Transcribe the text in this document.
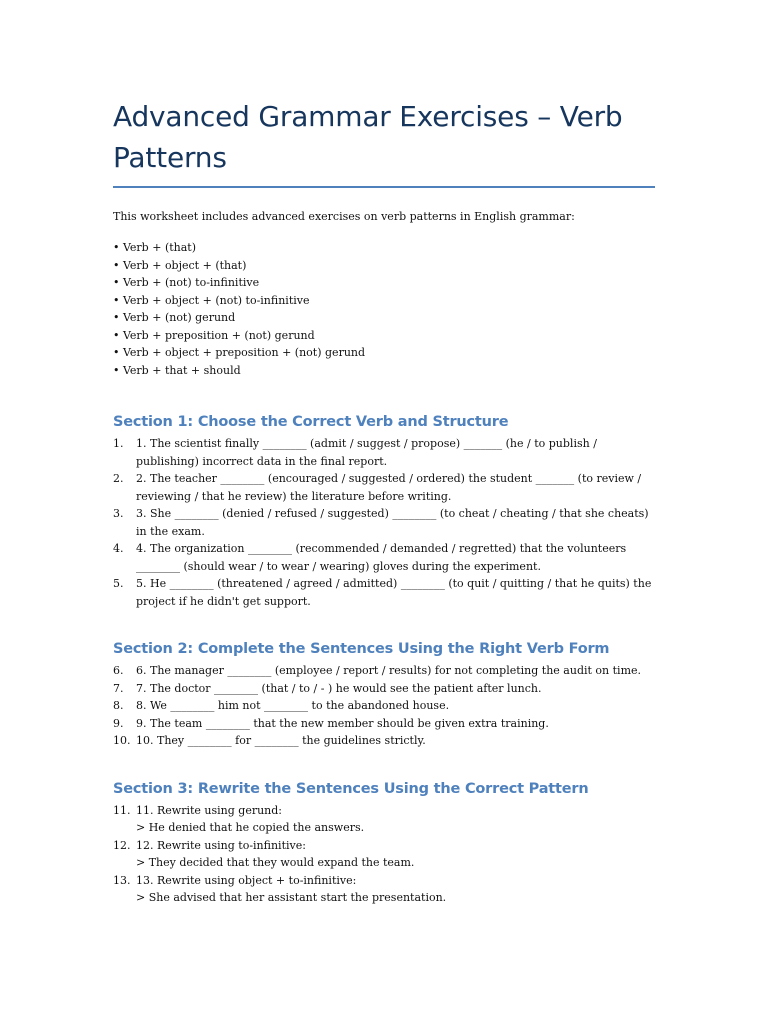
Advanced Grammar Exercises – Verb Patterns

This worksheet includes advanced exercises on verb patterns in English grammar:

• Verb + (that)
• Verb + object + (that)
• Verb + (not) to-infinitive
• Verb + object + (not) to-infinitive
• Verb + (not) gerund
• Verb + preposition + (not) gerund
• Verb + object + preposition + (not) gerund
• Verb + that + should
Section 1: Choose the Correct Verb and Structure
1. 1. The scientist finally ________ (admit / suggest / propose) _______ (he / to publish / publishing) incorrect data in the final report.
2. 2. The teacher ________ (encouraged / suggested / ordered) the student _______ (to review / reviewing / that he review) the literature before writing.
3. 3. She ________ (denied / refused / suggested) ________ (to cheat / cheating / that she cheats) in the exam.
4. 4. The organization ________ (recommended / demanded / regretted) that the volunteers ________ (should wear / to wear / wearing) gloves during the experiment.
5. 5. He ________ (threatened / agreed / admitted) ________ (to quit / quitting / that he quits) the project if he didn't get support.
Section 2: Complete the Sentences Using the Right Verb Form
6. 6. The manager ________ (employee / report / results) for not completing the audit on time.
7. 7. The doctor ________ (that / to / - ) he would see the patient after lunch.
8. 8. We ________ him not ________ to the abandoned house.
9. 9. The team ________ that the new member should be given extra training.
10. 10. They ________ for ________ the guidelines strictly.
Section 3: Rewrite the Sentences Using the Correct Pattern
11. 11. Rewrite using gerund:
> He denied that he copied the answers.
12. 12. Rewrite using to-infinitive:
> They decided that they would expand the team.
13. 13. Rewrite using object + to-infinitive:
> She advised that her assistant start the presentation.
